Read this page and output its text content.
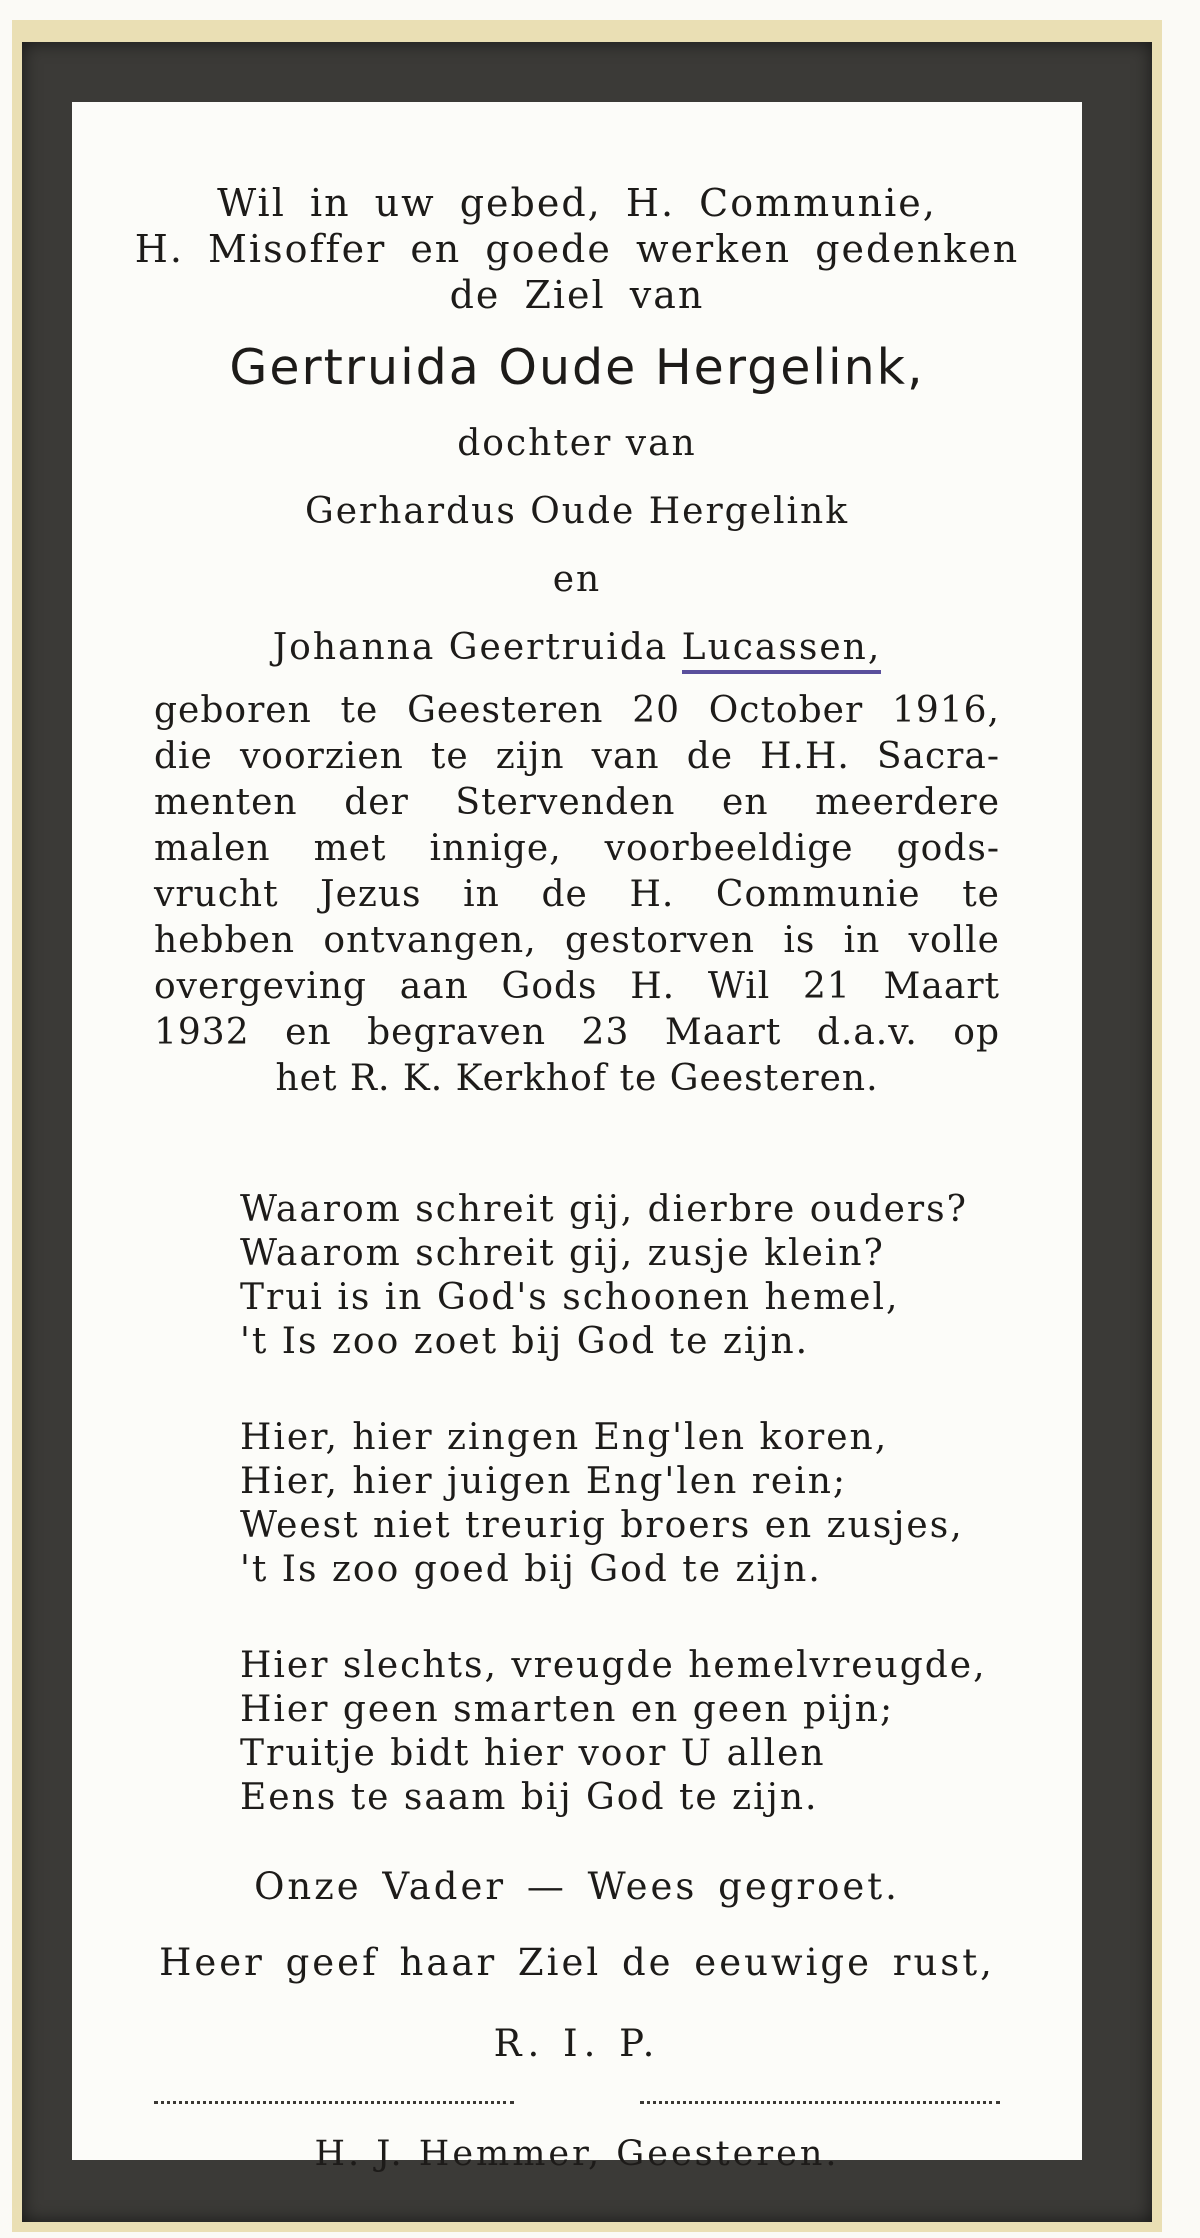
Wil in uw gebed, H. Communie,
H. Misoffer en goede werken gedenken
de Ziel van
Gertruida Oude Hergelink,
dochter van
Gerhardus Oude Hergelink
en
Johanna Geertruida Lucassen,
geboren te Geesteren 20 October 1916,
die voorzien te zijn van de H.H. Sacra-
menten der Stervenden en meerdere
malen met innige, voorbeeldige gods-
vrucht Jezus in de H. Communie te
hebben ontvangen, gestorven is in volle
overgeving aan Gods H. Wil 21 Maart
1932 en begraven 23 Maart d.a.v. op
het R. K. Kerkhof te Geesteren.
Waarom schreit gij, dierbre ouders?
Waarom schreit gij, zusje klein?
Trui is in God's schoonen hemel,
't Is zoo zoet bij God te zijn.
Hier, hier zingen Eng'len koren,
Hier, hier juigen Eng'len rein;
Weest niet treurig broers en zusjes,
't Is zoo goed bij God te zijn.
Hier slechts, vreugde hemelvreugde,
Hier geen smarten en geen pijn;
Truitje bidt hier voor U allen
Eens te saam bij God te zijn.
Onze Vader — Wees gegroet.
Heer geef haar Ziel de eeuwige rust,
R. I. P.
H. J. Hemmer, Geesteren.
